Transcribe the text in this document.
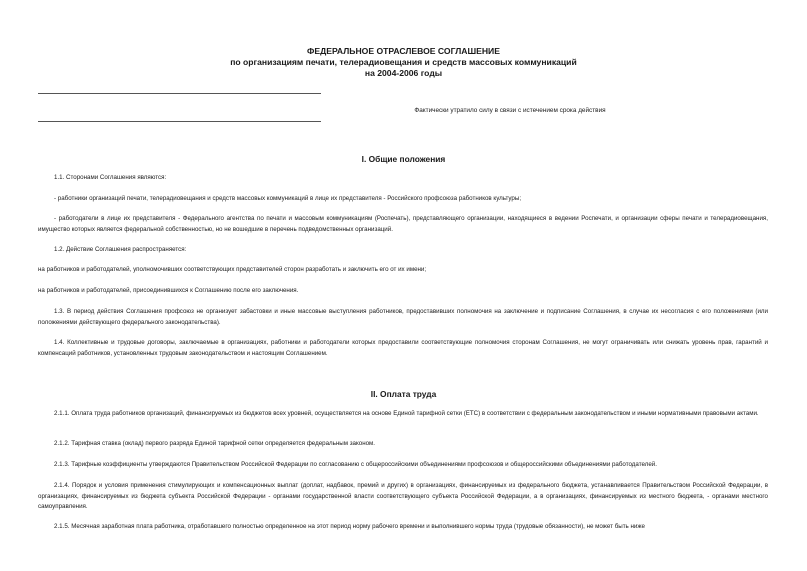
ФЕДЕРАЛЬНОЕ ОТРАСЛЕВОЕ СОГЛАШЕНИЕ
по организациям печати, телерадиовещания и средств массовых коммуникаций
на 2004-2006 годы
Фактически утратило силу в связи с истечением срока действия
I. Общие положения
1.1. Сторонами Соглашения являются:
- работники организаций печати, телерадиовещания и средств массовых коммуникаций в лице их представителя - Российского профсоюза работников культуры;
- работодатели в лице их представителя - Федерального агентства по печати и массовым коммуникациям (Роспечать), представляющего организации, находящиеся в ведении Роспечати, и организации сферы печати и телерадиовещания, имущество которых является федеральной собственностью, но не вошедшие в перечень подведомственных организаций.
1.2. Действие Соглашения распространяется:
на работников и работодателей, уполномочивших соответствующих представителей сторон разработать и заключить его от их имени;
на работников и работодателей, присоединившихся к Соглашению после его заключения.
1.3. В период действия Соглашения профсоюз не организует забастовки и иные массовые выступления работников, предоставивших полномочия на заключение и подписание Соглашения, в случае их несогласия с его положениями (или положениями действующего федерального законодательства).
1.4. Коллективные и трудовые договоры, заключаемые в организациях, работники и работодатели которых предоставили соответствующие полномочия сторонам Соглашения, не могут ограничивать или снижать уровень прав, гарантий и компенсаций работников, установленных трудовым законодательством и настоящим Соглашением.
II. Оплата труда
2.1.1. Оплата труда работников организаций, финансируемых из бюджетов всех уровней, осуществляется на основе Единой тарифной сетки (ЕТС) в соответствии с федеральным законодательством и иными нормативными правовыми актами.
2.1.2. Тарифная ставка (оклад) первого разряда Единой тарифной сетки определяется федеральным законом.
2.1.3. Тарифные коэффициенты утверждаются Правительством Российской Федерации по согласованию с общероссийскими объединениями профсоюзов и общероссийскими объединениями работодателей.
2.1.4. Порядок и условия применения стимулирующих и компенсационных выплат (доплат, надбавок, премий и других) в организациях, финансируемых из федерального бюджета, устанавливается Правительством Российской Федерации, в организациях, финансируемых из бюджета субъекта Российской Федерации - органами государственной власти соответствующего субъекта Российской Федерации, а в организациях, финансируемых из местного бюджета, - органами местного самоуправления.
2.1.5. Месячная заработная плата работника, отработавшего полностью определенное на этот период норму рабочего времени и выполнившего нормы труда (трудовые обязанности), не может быть ниже
